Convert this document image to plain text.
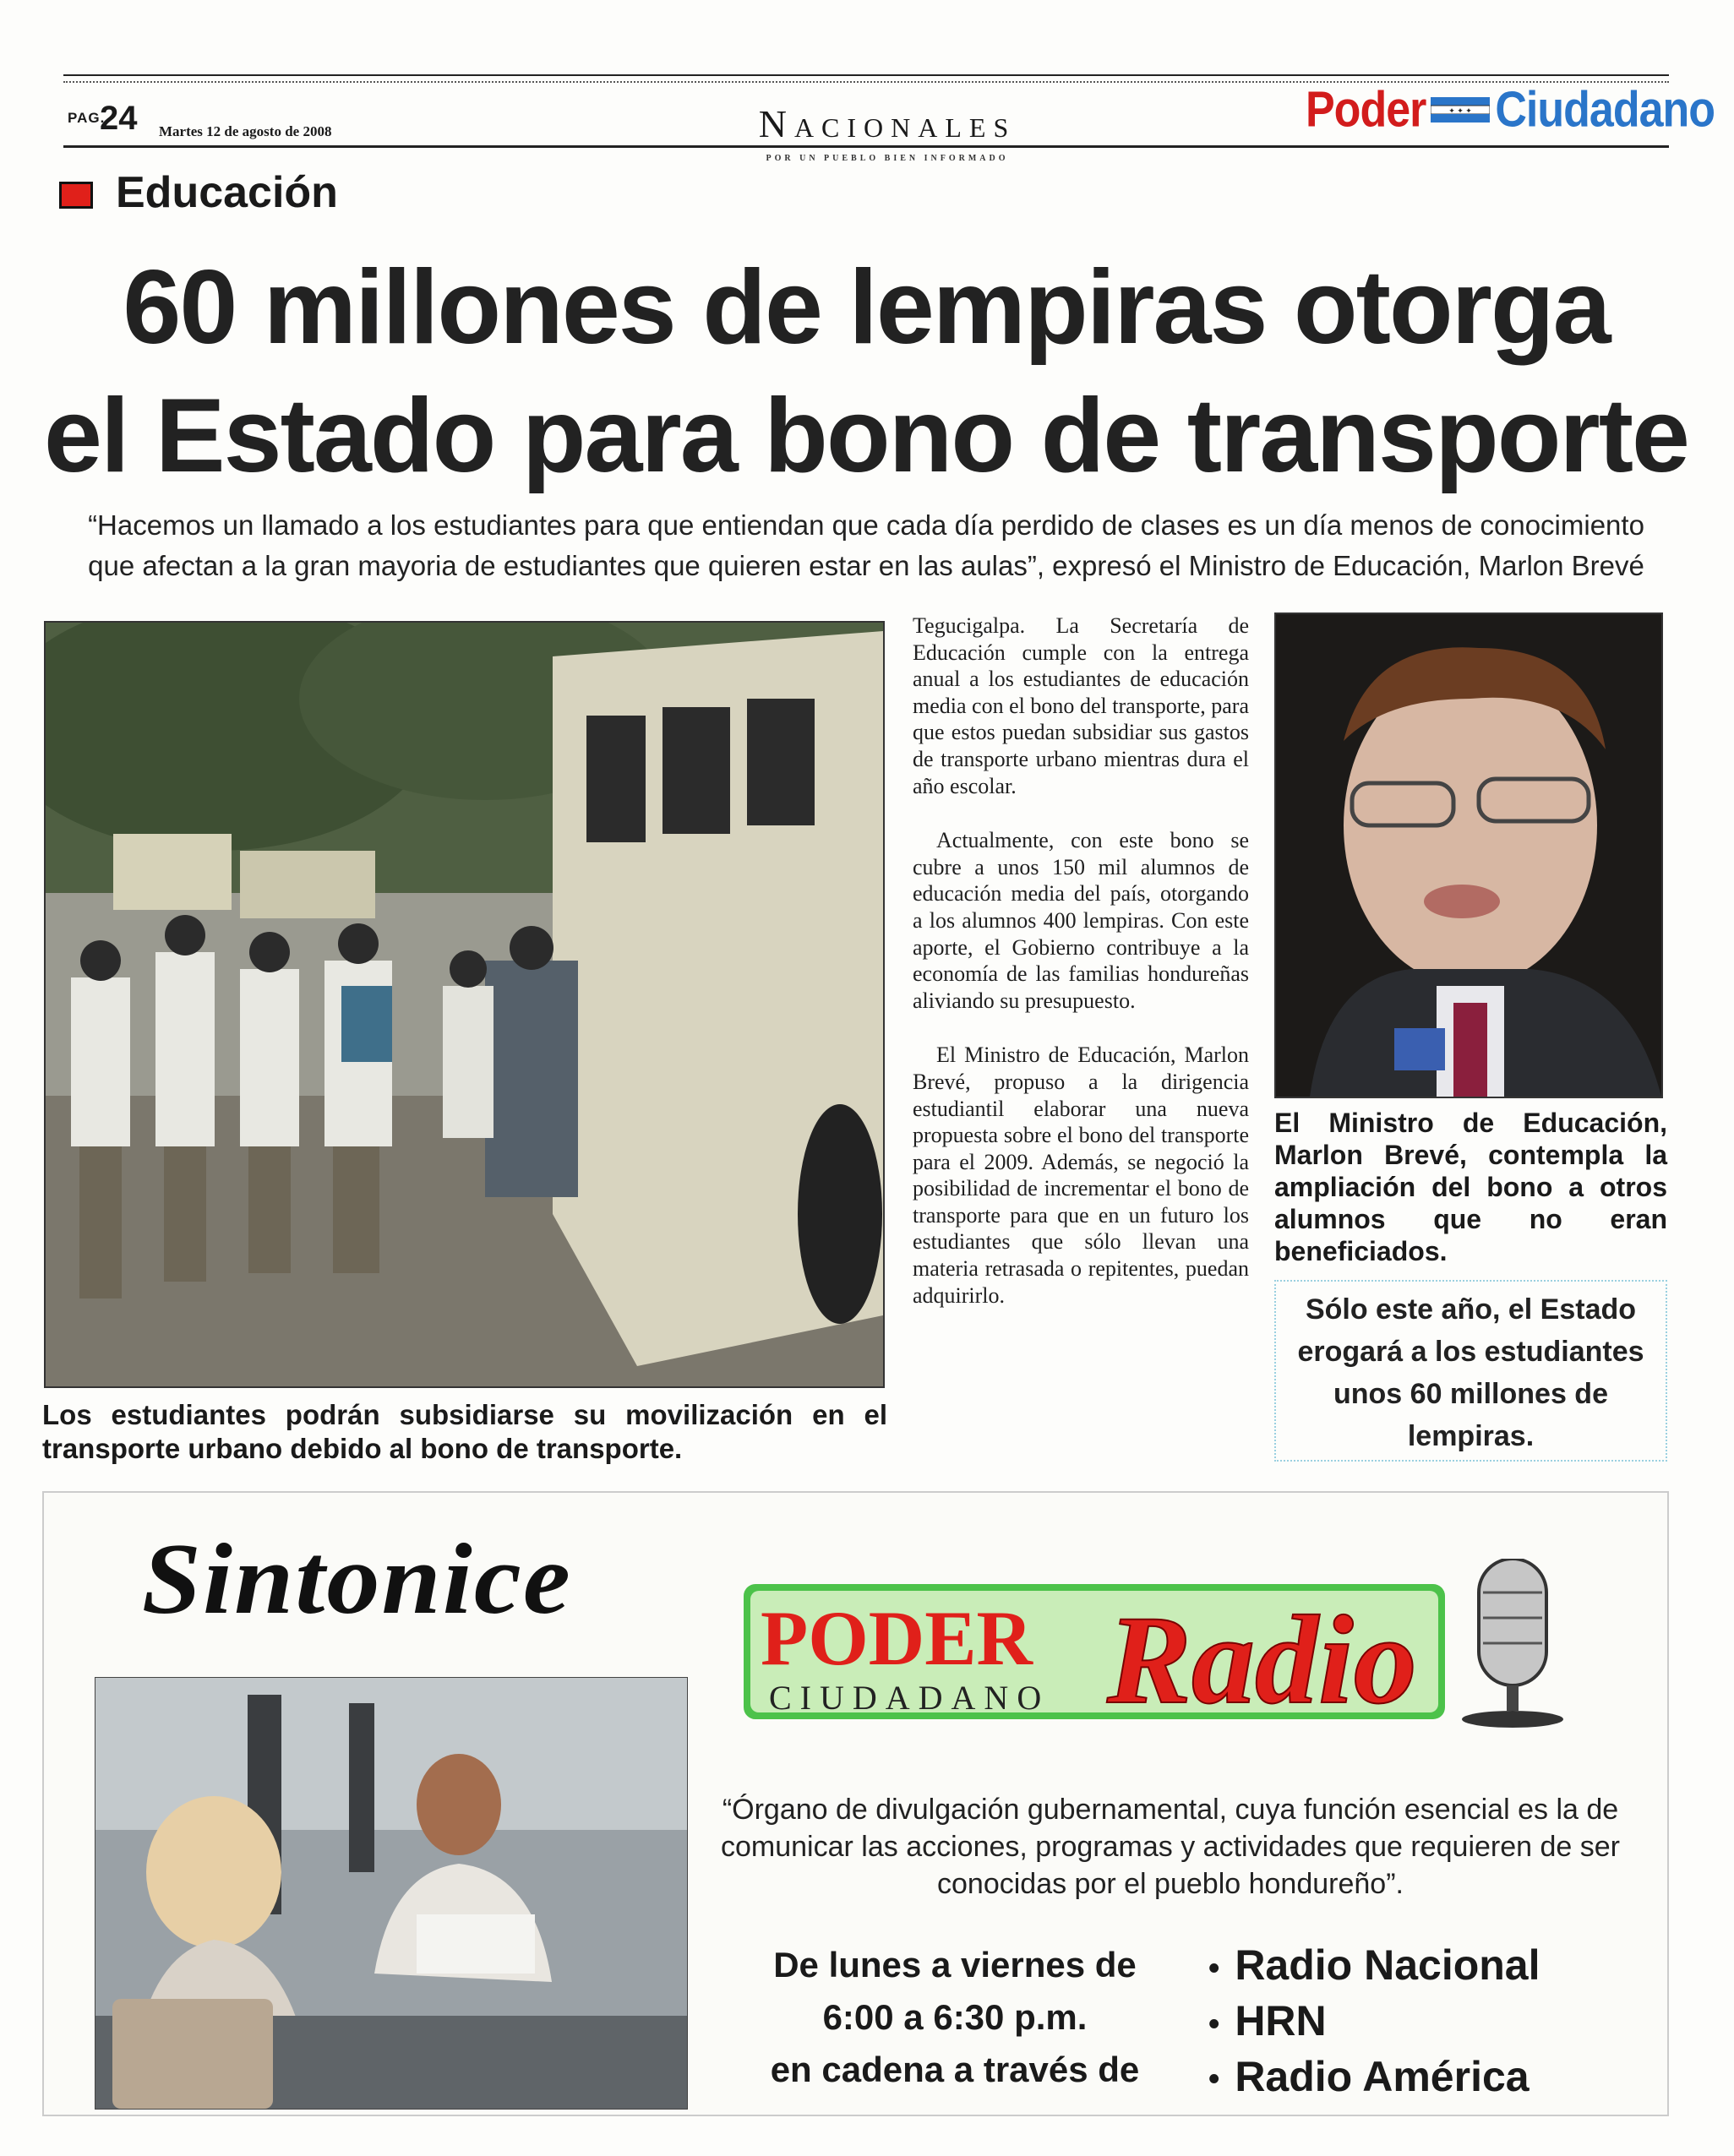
PAG.
24 Martes 12 de agosto de 2008	Nacionales
POR UN PUEBLO BIEN INFORMADO
Poder	✦ ✦ ✦ Ciudadano
Educación
60 millones de lempiras otorga
el Estado para bono de transporte
“Hacemos un llamado a los estudiantes para que entiendan que cada día perdido de clases es un día menos de conocimiento que afectan a la gran mayoria de estudiantes que quieren estar en las aulas”, expresó el Ministro de Educación, Marlon Brevé
Los estudiantes podrán subsidiarse su movilización en el transporte urbano debido al bono de transporte.

Tegucigalpa. La Secretaría de Educación cumple con la entrega anual a los estudiantes de educación media con el bono del transporte, para que estos puedan subsidiar sus gastos de transporte urbano mientras dura el año escolar.

Actualmente, con este bono se cubre a unos 150 mil alumnos de educación media del país, otorgando a los alumnos 400 lempiras. Con este aporte, el Gobierno contribuye a la economía de las familias hondureñas aliviando su presupuesto.

El Ministro de Educación, Marlon Brevé, propuso a la dirigencia estudiantil elaborar una nueva propuesta sobre el bono del transporte para el 2009. Además, se negoció la posibilidad de incrementar el bono de transporte para que en un futuro los estudiantes que sólo llevan una materia retrasada o repitentes, puedan adquirirlo.

El Ministro de Educación, Marlon Brevé, contempla la ampliación del bono a otros alumnos que no eran beneficiados.
Sólo este año, el Estado erogará a los estudiantes unos 60 millones de lempiras.
Sintonice
PODER
CIUDADANO Radio
“Órgano de divulgación gubernamental, cuya función esencial es la de comunicar las acciones, programas y actividades que requieren de ser conocidas por el pueblo hondureño”.
De lunes a viernes de
6:00 a 6:30 p.m.
en cadena a través de
• Radio Nacional
• HRN
• Radio América
